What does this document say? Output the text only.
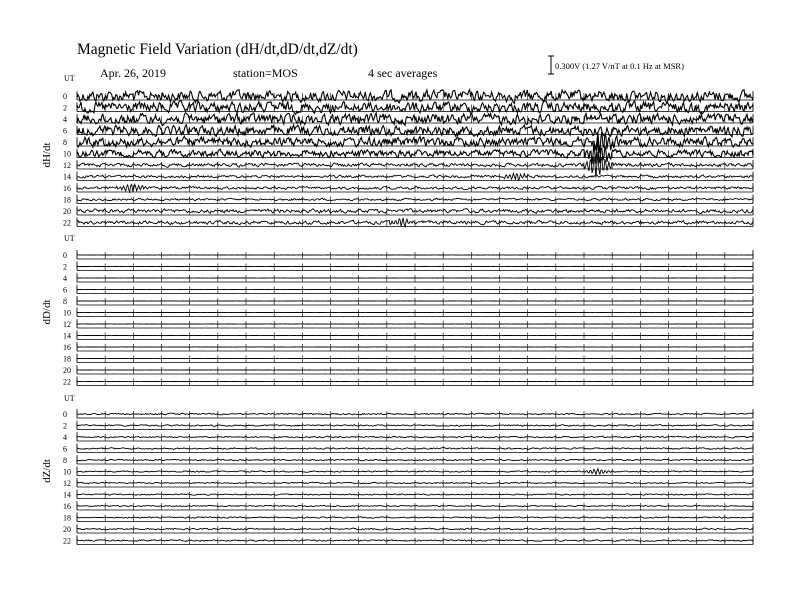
Magnetic Field Variation (dH/dt,dD/dt,dZ/dt)
Apr. 26, 2019	station=MOS	4 sec averages	0.300V (1.27 V/nT at 0.1 Hz at MSR)
UT
dH/dt
0
2
4
6
8
10
12
14
16
18
20
22
UT
dD/dt
0
2
4
6
8
10
12
14
16
18
20
22
UT
dZ/dt
0
2
4
6
8
10
12
14
16
18
20
22
